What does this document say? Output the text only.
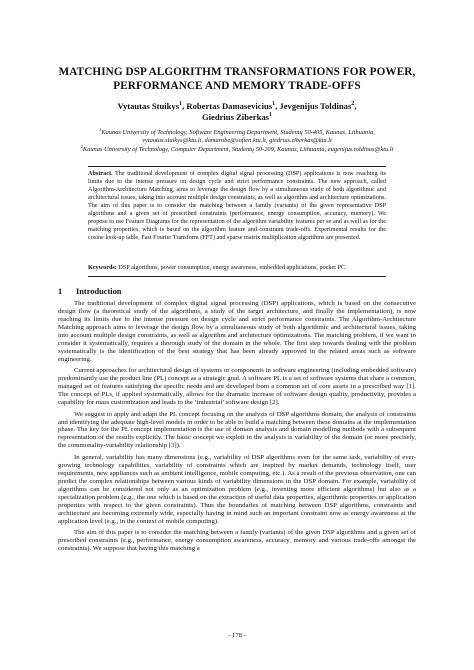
MATCHING DSP ALGORITHM TRANSFORMATIONS FOR POWER, PERFORMANCE AND MEMORY TRADE-OFFS
Vytautas Stuikys$^1$, Robertas Damasevicius$^1$, Jevgenijus Toldinas$^2$,
Giedrius Ziberkas$^1$
$^1$Kaunas University of Technology, Software Engineering Department, Studentų 50-405, Kaunas, Lithuania, vytautas.stuikys@ktu.lt, damarobe@soften.ktu.lt, giedrius.ziberkas@ktu.lt
$^2$Kaunas University of Technology, Computer Department, Studentų 50-209, Kaunas, Lithuania, eugenijus.toldinas@ktu.lt
Abstract. The traditional development of complex digital signal processing (DSP) applications is now reaching its limits due to the intense pressure on design cycle and strict performance constraints. The new approach, called Algorithm-Architecture Matching, aims to leverage the design flow by a simultaneous study of both algorithmic and architectural issues, taking into account multiple design constraints, as well as algorithm and architecture optimizations. The aim of this paper is to consider the matching between a family (variants) of the given representative DSP algorithms and a given set of prescribed constraints (performance, energy consumption, accuracy, memory). We propose to use Feature Diagrams for the representation of the algorithm variability features per se and as well as for the matching properties, which is based on the algorithm feature and constraint trade-offs. Experimental results for the cosine look-up table, Fast Fourier Transform (FFT) and sparse matrix multiplication algorithms are presented.
Keywords: DSP algorithms, power consumption, energy awareness, embedded applications, pocket PC.
1 Introduction

The traditional development of complex digital signal processing (DSP) applications, which is based on the consecutive design flow (a theoretical study of the algorithms, a study of the target architecture, and finally the implementation), is now reaching its limits due to the intense pressure on design cycle and strict performance constraints. The Algorithm-Architecture Matching approach aims to leverage the design flow by a simultaneous study of both algorithmic and architectural issues, taking into account multiple design constraints, as well as algorithm and architecture optimizations. The matching problem, if we want to consider it systematically, requires a thorough study of the domain in the whole. The first step towards dealing with the problem systematically is the identification of the best strategy that has been already approved in the related areas such as software engineering.

Current approaches for architectural design of systems or components in software engineering (including embedded software) predominantly use the product line (PL) concept as a strategic goal. A software PL is a set of software systems that share a common, managed set of features satisfying the specific needs and are developed from a common set of core assets in a prescribed way [1]. The concept of PLs, if applied systematically, allows for the dramatic increase of software design quality, productivity, provides a capability for mass customization and leads to the ‘industrial’ software design [2].

We suggest to apply and adapt the PL concept focusing on the analysis of DSP algorithms domain, the analysis of constraints and identifying the adequate high-level models in order to be able to build a matching between these domains at the implementation phase. The key for the PL concept implementation is the use of domain analysis and domain modelling methods with a subsequent representation of the results explicitly. The basic concept we exploit in the analysis is variability of the domain (or more precisely, the commonality-variability relationship [3]).

In general, variability has many dimensions (e.g., variability of DSP algorithms even for the same task, variability of ever-growing technology capabilities, variability of constraints which are inspired by market demands, technology itself, user requirements, new appliances such as ambient intelligence, mobile computing, etc.). As a result of the previous observation, one can predict the complex relationships between various kinds of variability dimensions in the DSP domain. For example, variability of algorithms can be considered not only as an optimization problem (e.g., inventing more efficient algorithms) but also as a specialization problem (e.g., the one which is based on the extraction of useful data properties, algorithmic properties or application properties with respect to the given constraints). Thus the boundaries of matching between DSP algorithms, constraints and architecture are becoming extremely wide, especially having in mind such an important constraint now as energy awareness at the application level (e.g., in the context of mobile computing).

The aim of this paper is to consider the matching between a family (variants) of the given DSP algorithms and a given set of prescribed constraints (e.g., performance, energy consumption awareness, accuracy, memory and various trade-offs amongst the constraints). We suppose that having this matching a

- 178 -
